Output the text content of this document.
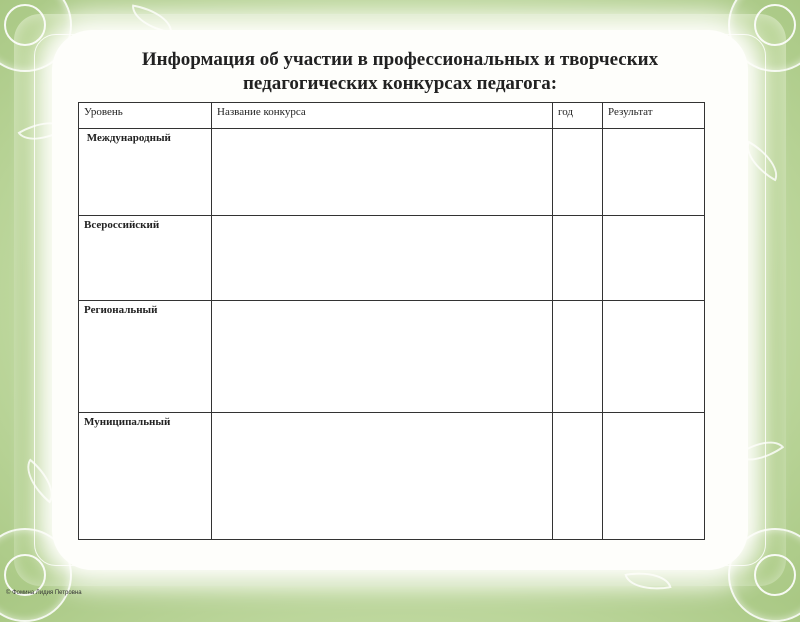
Информация об участии в профессиональных и творческих
педагогических конкурсах педагога:
Уровень	Название конкурса	год	Результат
Международный			
Всероссийский			
Региональный			
Муниципальный			
© Фомина Лидия Петровна
